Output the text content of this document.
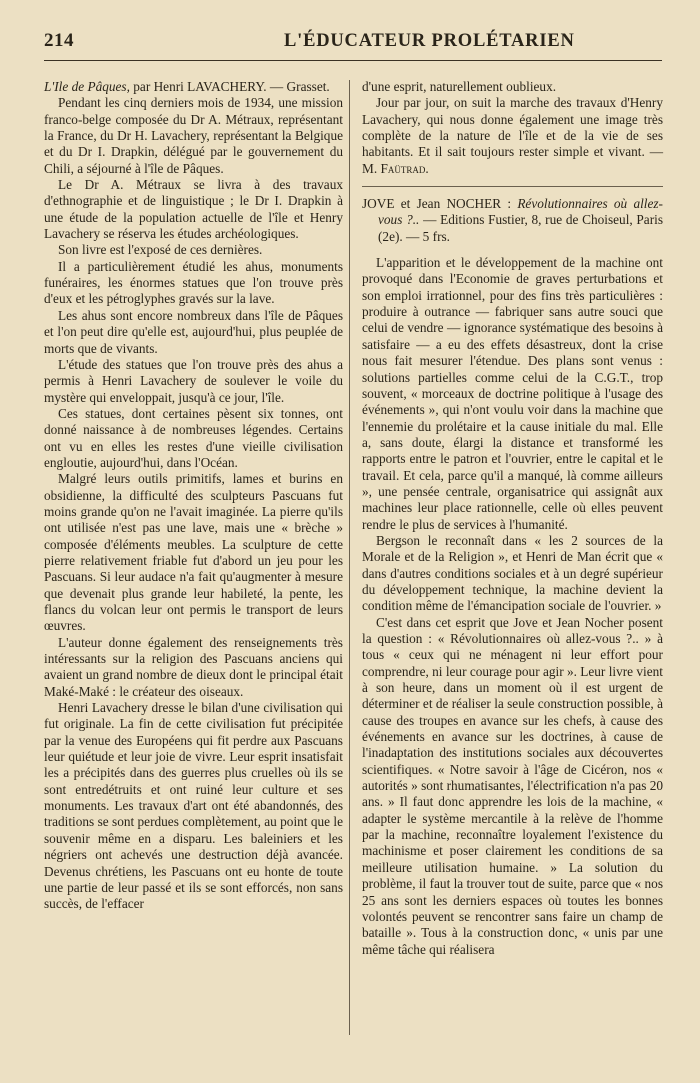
214	L'ÉDUCATEUR PROLÉTARIEN

L'Ile de Pâques, par Henri LAVACHERY. — Grasset.

Pendant les cinq derniers mois de 1934, une mission franco-belge composée du Dr A. Métraux, représentant la France, du Dr H. Lavachery, représentant la Belgique et du Dr I. Drapkin, délégué par le gouvernement du Chili, a séjourné à l'île de Pâques.

Le Dr A. Métraux se livra à des travaux d'ethnographie et de linguistique ; le Dr I. Drapkin à une étude de la population actuelle de l'île et Henry Lavachery se réserva les études archéologiques.

Son livre est l'exposé de ces dernières.

Il a particulièrement étudié les ahus, monuments funéraires, les énormes statues que l'on trouve près d'eux et les pétroglyphes gravés sur la lave.

Les ahus sont encore nombreux dans l'île de Pâques et l'on peut dire qu'elle est, aujourd'hui, plus peuplée de morts que de vivants.

L'étude des statues que l'on trouve près des ahus a permis à Henri Lavachery de soulever le voile du mystère qui enveloppait, jusqu'à ce jour, l'île.

Ces statues, dont certaines pèsent six tonnes, ont donné naissance à de nombreuses légendes. Certains ont vu en elles les restes d'une vieille civilisation engloutie, aujourd'hui, dans l'Océan.

Malgré leurs outils primitifs, lames et burins en obsidienne, la difficulté des sculpteurs Pascuans fut moins grande qu'on ne l'avait imaginée. La pierre qu'ils ont utilisée n'est pas une lave, mais une « brèche » composée d'éléments meubles. La sculpture de cette pierre relativement friable fut d'abord un jeu pour les Pascuans. Si leur audace n'a fait qu'augmenter à mesure que devenait plus grande leur habileté, la pente, les flancs du volcan leur ont permis le transport de leurs œuvres.

L'auteur donne également des renseignements très intéressants sur la religion des Pascuans anciens qui avaient un grand nombre de dieux dont le principal était Maké-Maké : le créateur des oiseaux.

Henri Lavachery dresse le bilan d'une civilisation qui fut originale. La fin de cette civilisation fut précipitée par la venue des Européens qui fit perdre aux Pascuans leur quiétude et leur joie de vivre. Leur esprit insatisfait les a précipités dans des guerres plus cruelles où ils se sont entredétruits et ont ruiné leur culture et ses monuments. Les travaux d'art ont été abandonnés, des traditions se sont perdues complètement, au point que le souvenir même en a disparu. Les baleiniers et les négriers ont achevés une destruction déjà avancée. Devenus chrétiens, les Pascuans ont eu honte de toute une partie de leur passé et ils se sont efforcés, non sans succès, de l'effacer

d'une esprit, naturellement oublieux.

Jour par jour, on suit la marche des travaux d'Henry Lavachery, qui nous donne également une image très complète de la nature de l'île et de la vie de ses habitants. Et il sait toujours rester simple et vivant. — M. Faütrad.

JOVE et Jean NOCHER : Révolutionnaires où allez-vous ?.. — Editions Fustier, 8, rue de Choiseul, Paris (2e). — 5 frs.

L'apparition et le développement de la machine ont provoqué dans l'Economie de graves perturbations et son emploi irrationnel, pour des fins très particulières : produire à outrance — fabriquer sans autre souci que celui de vendre — ignorance systématique des besoins à satisfaire — a eu des effets désastreux, dont la crise nous fait mesurer l'étendue. Des plans sont venus : solutions partielles comme celui de la C.G.T., trop souvent, « morceaux de doctrine politique à l'usage des événements », qui n'ont voulu voir dans la machine que l'ennemie du prolétaire et la cause initiale du mal. Elle a, sans doute, élargi la distance et transformé les rapports entre le patron et l'ouvrier, entre le capital et le travail. Et cela, parce qu'il a manqué, là comme ailleurs », une pensée centrale, organisatrice qui assignât aux machines leur place rationnelle, celle où elles peuvent rendre le plus de services à l'humanité.

Bergson le reconnaît dans « les 2 sources de la Morale et de la Religion », et Henri de Man écrit que « dans d'autres conditions sociales et à un degré supérieur du développement technique, la machine devient la condition même de l'émancipation sociale de l'ouvrier. »

C'est dans cet esprit que Jove et Jean Nocher posent la question : « Révolutionnaires où allez-vous ?.. » à tous « ceux qui ne ménagent ni leur effort pour comprendre, ni leur courage pour agir ». Leur livre vient à son heure, dans un moment où il est urgent de déterminer et de réaliser la seule construction possible, à cause des troupes en avance sur les chefs, à cause des événements en avance sur les doctrines, à cause de l'inadaptation des institutions sociales aux découvertes scientifiques. « Notre savoir à l'âge de Cicéron, nos « autorités » sont rhumatisantes, l'électrification n'a pas 20 ans. » Il faut donc apprendre les lois de la machine, « adapter le système mercantile à la relève de l'homme par la machine, reconnaître loyalement l'existence du machinisme et poser clairement les conditions de sa meilleure utilisation humaine. » La solution du problème, il faut la trouver tout de suite, parce que « nos 25 ans sont les derniers espaces où toutes les bonnes volontés peuvent se rencontrer sans faire un champ de bataille ». Tous à la construction donc, « unis par une même tâche qui réalisera
